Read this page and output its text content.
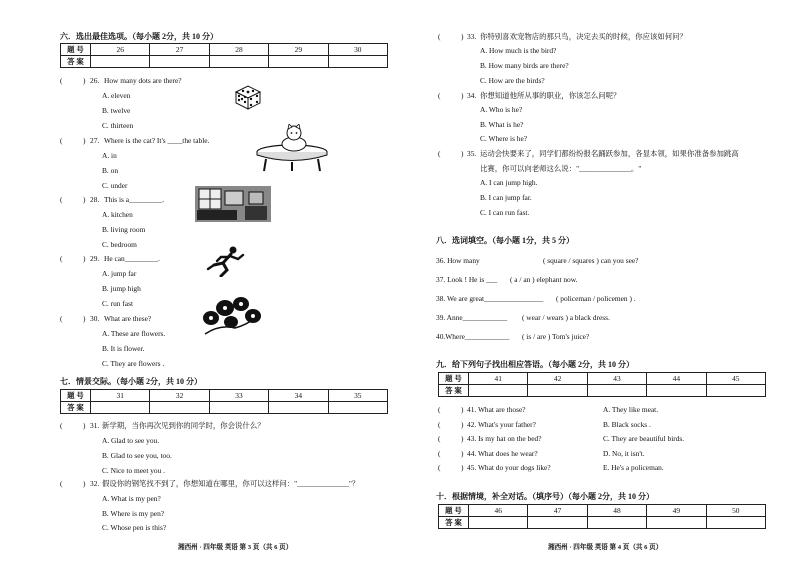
六．选出最佳选项。（每小题 2分，共 10 分）
题 号	26	27	28	29	30
答 案					
(	) 26. How many dots are there?
A. eleven
B. twelve
C. thirteen
(	) 27. Where is the cat? It's ____the table.
A. in
B. on
C. under
(	) 28. This is a_________.
A. kitchen
B. living room
C. bedroom
(	) 29. He can_________.
A. jump far
B. jump high
C. run fast
(	) 30. What are these?
A. These are flowers.
B. It is flower.
C. They are flowers .
七．情景交际。（每小题 2分，共 10 分）
题 号	31	32	33	34	35
答 案					
(	) 31. 新学期，当你再次见到你的同学时，你会说什么？
A. Glad to see you.
B. Glad to see you, too.
C. Nice to meet you .
(	) 32. 假设你的钢笔找不到了，你想知道在哪里，你可以这样问："______________"？
A. What is my pen?
B. Where is my pen?
C. Whose pen is this?
湘西州 · 四年级 英语 第 3 页（共 6 页）
(	) 33. 你特别喜欢宠物店的那只鸟，决定去买的时候，你应该如何问？
A. How much is the bird?
B. How many birds are there?
C. How are the birds?
(	) 34. 你想知道他所从事的职业，你该怎么问呢？
A. Who is he?
B. What is he?
C. Where is he?
(	) 35. 运动会快要来了，同学们都纷纷报名踊跃参加，各显本领，如果你准备参加跳高
比赛，你可以向老师这么说："______________。"
A. I can jump high.
B. I can jump far.
C. I can run fast.
八．选词填空。（每小题 1分，共 5 分）
36. How many	( square / squares ) can you see?
37. Look ! He is ___ ( a / an ) elephant now.
38. We are great________________ ( policeman / policemen ) .
39. Anne____________ ( wear / wears ) a black dress.
40.Where____________ ( is / are ) Tom's juice?
九．给下列句子找出相应答语。（每小题 2分，共 10 分）
题 号	41	42	43	44	45
答 案					
(	) 41. What are those?	A. They like meat.
(	) 42. What's your father?	B. Black socks .
(	) 43. Is my hat on the bed?	C. They are beautiful birds.
(	) 44. What does he wear?	D. No, it isn't.
(	) 45. What do your dogs like?	E. He's a policeman.
十．根据情境，补全对话。（填序号）（每小题 2分，共 10 分）
题 号	46	47	48	49	50
答 案					
湘西州 · 四年级 英语 第 4 页（共 6 页）
